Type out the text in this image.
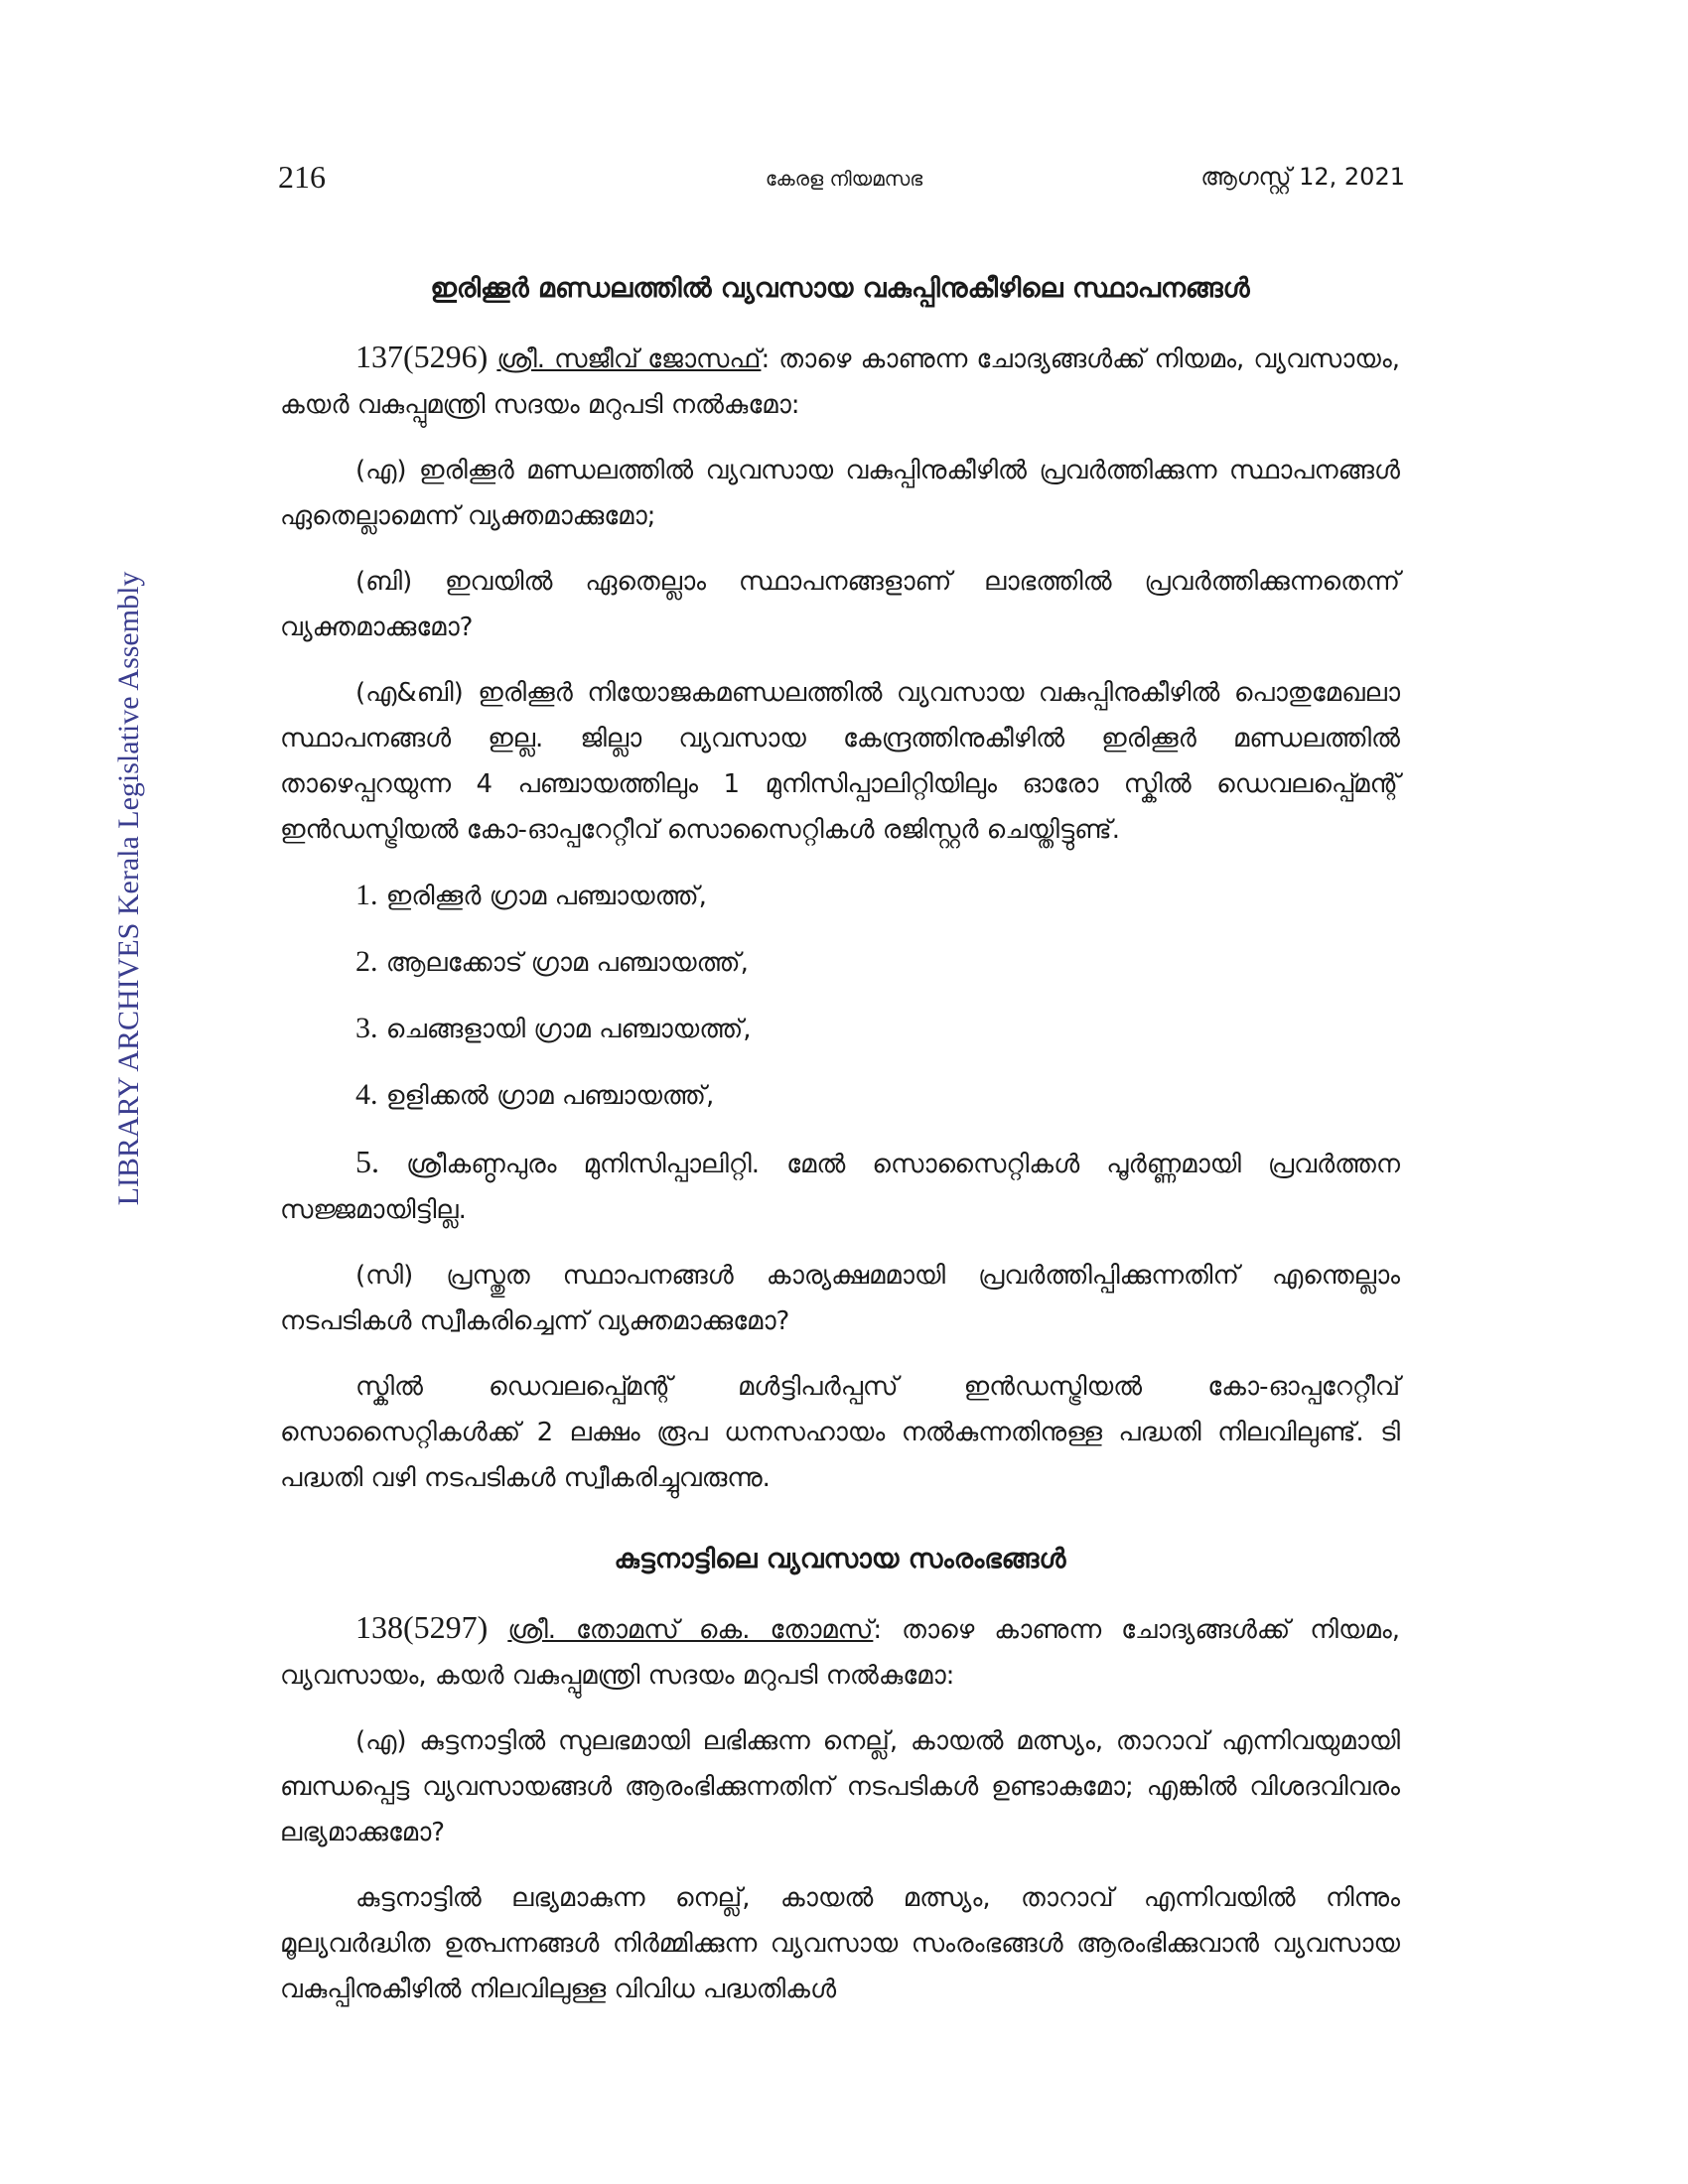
216	കേരള നിയമസഭ	ആഗസ്റ്റ് 12, 2021
LIBRARY ARCHIVES Kerala Legislative Assembly
ഇരിക്കൂർ മണ്ഡലത്തിൽ വ്യവസായ വകുപ്പിനുകീഴിലെ സ്ഥാപനങ്ങൾ

137(5296) ശ്രീ. സജീവ് ജോസഫ്: താഴെ കാണുന്ന ചോദ്യങ്ങൾക്ക് നിയമം, വ്യവസായം, കയർ വകുപ്പുമന്ത്രി സദയം മറുപടി നൽകുമോ:

(എ) ഇരിക്കൂർ മണ്ഡലത്തിൽ വ്യവസായ വകുപ്പിനുകീഴിൽ പ്രവർത്തിക്കുന്ന സ്ഥാപനങ്ങൾ ഏതെല്ലാമെന്ന് വ്യക്തമാക്കുമോ;

(ബി) ഇവയിൽ ഏതെല്ലാം സ്ഥാപനങ്ങളാണ് ലാഭത്തിൽ പ്രവർത്തിക്കുന്നതെന്ന് വ്യക്തമാക്കുമോ?

(എ&ബി) ഇരിക്കൂർ നിയോജകമണ്ഡലത്തിൽ വ്യവസായ വകുപ്പിനുകീഴിൽ പൊതുമേഖലാ സ്ഥാപനങ്ങൾ ഇല്ല. ജില്ലാ വ്യവസായ കേന്ദ്രത്തിനുകീഴിൽ ഇരിക്കൂർ മണ്ഡലത്തിൽ താഴെപ്പറയുന്ന 4 പഞ്ചായത്തിലും 1 മുനിസിപ്പാലിറ്റിയിലും ഓരോ സ്കിൽ ഡെവലപ്പ്മെന്റ് ഇൻഡസ്ട്രിയൽ കോ-ഓപ്പറേറ്റീവ് സൊസൈറ്റികൾ രജിസ്റ്റർ ചെയ്തിട്ടുണ്ട്.

1. ഇരിക്കൂർ ഗ്രാമ പഞ്ചായത്ത്,
2. ആലക്കോട് ഗ്രാമ പഞ്ചായത്ത്,
3. ചെങ്ങളായി ഗ്രാമ പഞ്ചായത്ത്,
4. ഉളിക്കൽ ഗ്രാമ പഞ്ചായത്ത്,

5. ശ്രീകണ്ഠപുരം മുനിസിപ്പാലിറ്റി. മേൽ സൊസൈറ്റികൾ പൂർണ്ണമായി പ്രവർത്തന സജ്ജമായിട്ടില്ല.

(സി) പ്രസ്തുത സ്ഥാപനങ്ങൾ കാര്യക്ഷമമായി പ്രവർത്തിപ്പിക്കുന്നതിന് എന്തെല്ലാം നടപടികൾ സ്വീകരിച്ചെന്ന് വ്യക്തമാക്കുമോ?

സ്കിൽ ഡെവലപ്പ്മെന്റ് മൾട്ടിപർപ്പസ് ഇൻഡസ്ട്രിയൽ കോ-ഓപ്പറേറ്റീവ് സൊസൈറ്റികൾക്ക് 2 ലക്ഷം രൂപ ധനസഹായം നൽകുന്നതിനുള്ള പദ്ധതി നിലവിലുണ്ട്. ടി പദ്ധതി വഴി നടപടികൾ സ്വീകരിച്ചുവരുന്നു.

കുട്ടനാട്ടിലെ വ്യവസായ സംരംഭങ്ങൾ

138(5297) ശ്രീ. തോമസ് കെ. തോമസ്: താഴെ കാണുന്ന ചോദ്യങ്ങൾക്ക് നിയമം, വ്യവസായം, കയർ വകുപ്പുമന്ത്രി സദയം മറുപടി നൽകുമോ:

(എ) കുട്ടനാട്ടിൽ സുലഭമായി ലഭിക്കുന്ന നെല്ല്, കായൽ മത്സ്യം, താറാവ് എന്നിവയുമായി ബന്ധപ്പെട്ട വ്യവസായങ്ങൾ ആരംഭിക്കുന്നതിന് നടപടികൾ ഉണ്ടാകുമോ; എങ്കിൽ വിശദവിവരം ലഭ്യമാക്കുമോ?

കുട്ടനാട്ടിൽ ലഭ്യമാകുന്ന നെല്ല്, കായൽ മത്സ്യം, താറാവ് എന്നിവയിൽ നിന്നും മൂല്യവർദ്ധിത ഉത്പന്നങ്ങൾ നിർമ്മിക്കുന്ന വ്യവസായ സംരംഭങ്ങൾ ആരംഭിക്കുവാൻ വ്യവസായ വകുപ്പിനുകീഴിൽ നിലവിലുള്ള വിവിധ പദ്ധതികൾ
